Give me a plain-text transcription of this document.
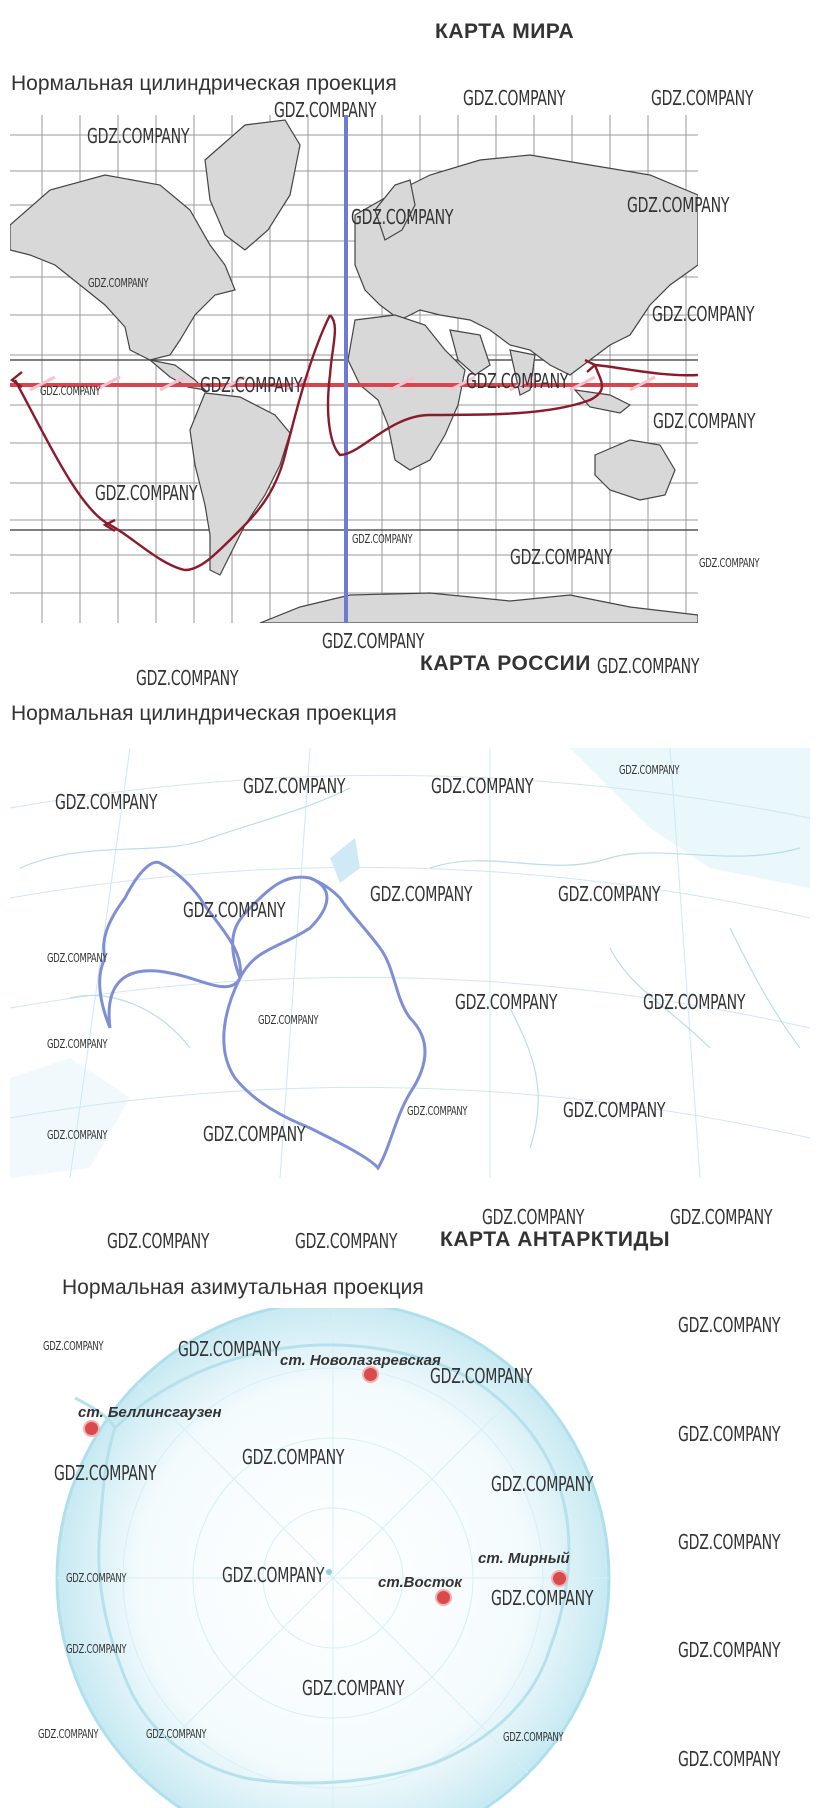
КАРТА МИРА
Нормальная цилиндрическая проекция
КАРТА РОССИИ
Нормальная цилиндрическая проекция
КАРТА АНТАРКТИДЫ
Нормальная азимутальная проекция
ст. Новолазаревская
ст. Беллинсгаузен
ст. Мирный
ст.Восток
GDZ.COMPANY	GDZ.COMPANY	GDZ.COMPANY
GDZ.COMPANY
GDZ.COMPANY	GDZ.COMPANY
GDZ.COMPANY
GDZ.COMPANY
GDZ.COMPANY	GDZ.COMPANY	GDZ.COMPANY
GDZ.COMPANY
GDZ.COMPANY
GDZ.COMPANY
GDZ.COMPANY	GDZ.COMPANY
GDZ.COMPANY
GDZ.COMPANY	GDZ.COMPANY
GDZ.COMPANY
GDZ.COMPANY
GDZ.COMPANY	GDZ.COMPANY
GDZ.COMPANY
GDZ.COMPANY	GDZ.COMPANY
GDZ.COMPANY
GDZ.COMPANY
GDZ.COMPANY	GDZ.COMPANY
GDZ.COMPANY
GDZ.COMPANY
GDZ.COMPANY
GDZ.COMPANY
GDZ.COMPANY
GDZ.COMPANY	GDZ.COMPANY
GDZ.COMPANY	GDZ.COMPANY
GDZ.COMPANY	GDZ.COMPANY
GDZ.COMPANY
GDZ.COMPANY
GDZ.COMPANY
GDZ.COMPANY
GDZ.COMPANY
GDZ.COMPANY
GDZ.COMPANY	GDZ.COMPANY
GDZ.COMPANY
GDZ.COMPANY
GDZ.COMPANY
GDZ.COMPANY
GDZ.COMPANY
GDZ.COMPANY	GDZ.COMPANY	GDZ.COMPANY
GDZ.COMPANY
